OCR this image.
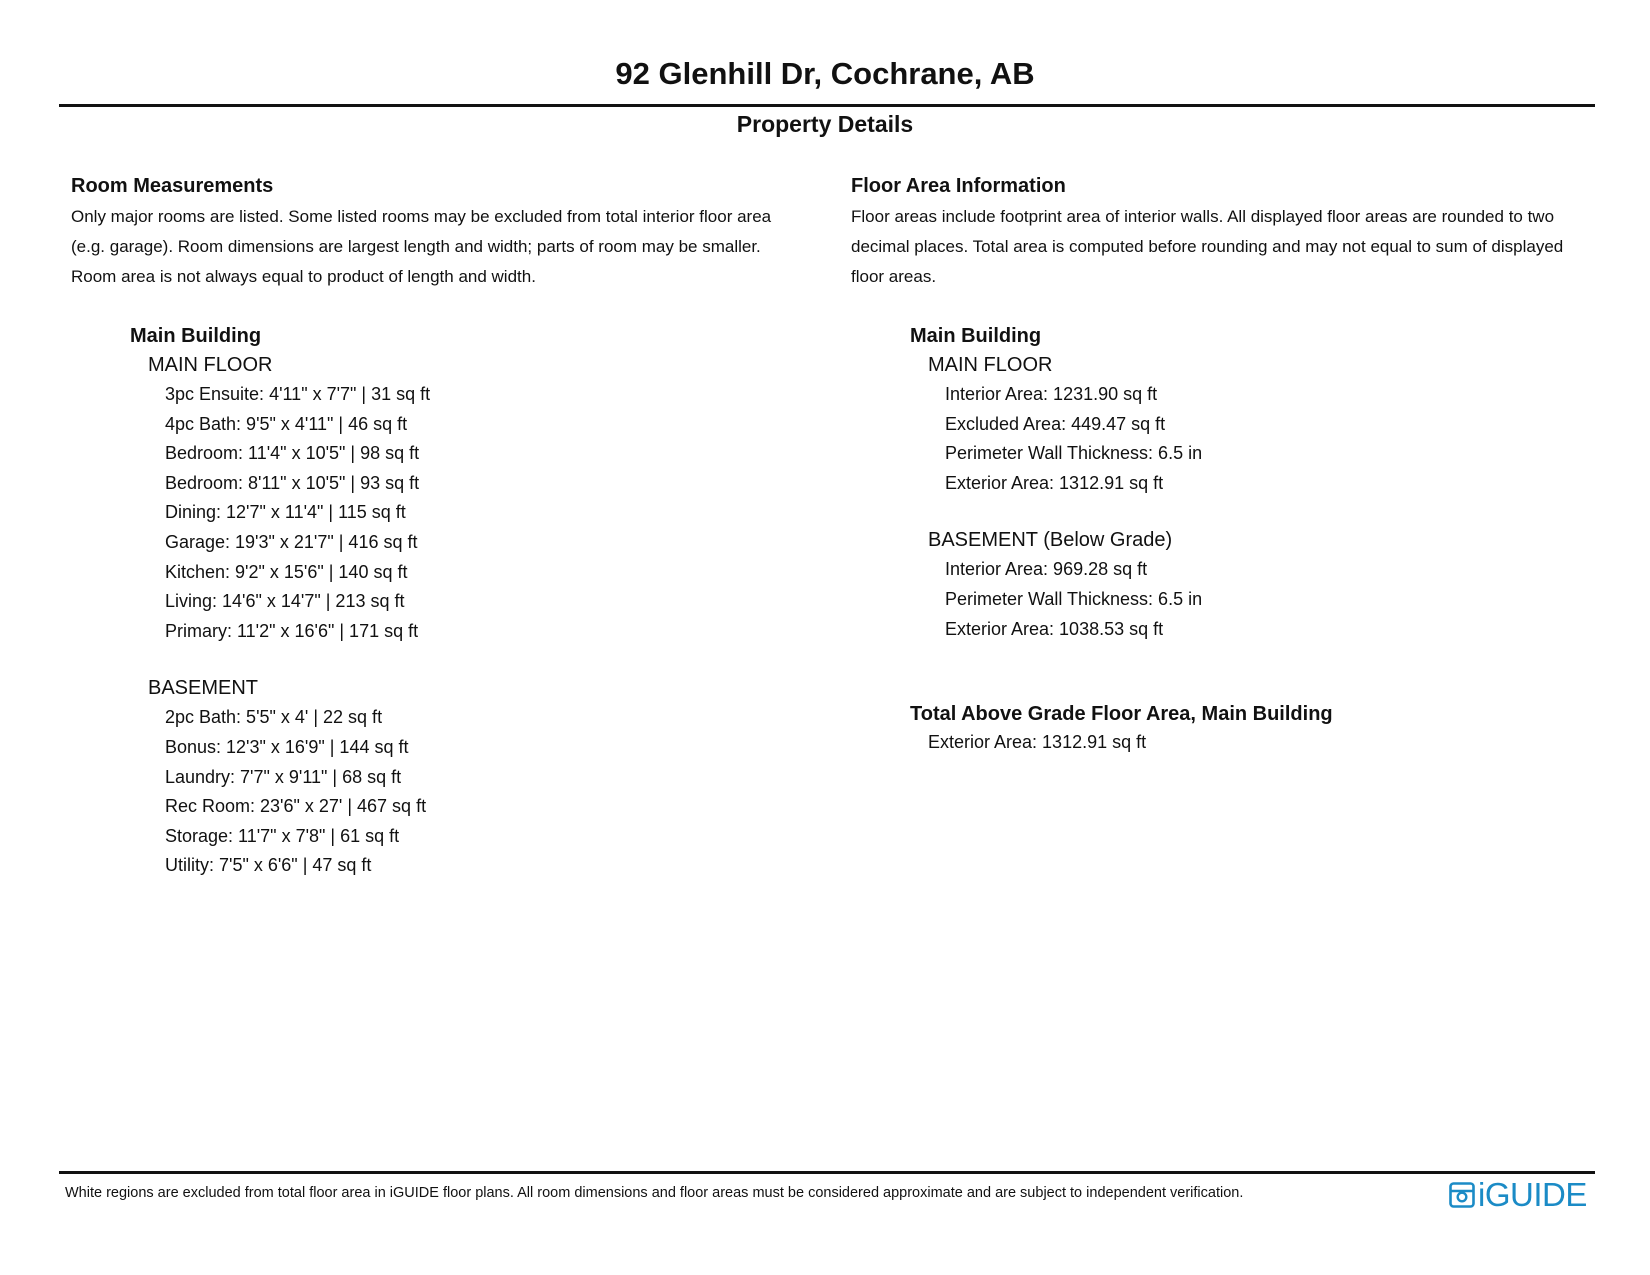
92 Glenhill Dr, Cochrane, AB
Property Details

Room Measurements

Only major rooms are listed. Some listed rooms may be excluded from total interior floor area

(e.g. garage). Room dimensions are largest length and width; parts of room may be smaller.

Room area is not always equal to product of length and width.

Main Building

MAIN FLOOR

3pc Ensuite: 4'11" x 7'7" | 31 sq ft

4pc Bath: 9'5" x 4'11" | 46 sq ft

Bedroom: 11'4" x 10'5" | 98 sq ft

Bedroom: 8'11" x 10'5" | 93 sq ft

Dining: 12'7" x 11'4" | 115 sq ft

Garage: 19'3" x 21'7" | 416 sq ft

Kitchen: 9'2" x 15'6" | 140 sq ft

Living: 14'6" x 14'7" | 213 sq ft

Primary: 11'2" x 16'6" | 171 sq ft

BASEMENT

2pc Bath: 5'5" x 4' | 22 sq ft

Bonus: 12'3" x 16'9" | 144 sq ft

Laundry: 7'7" x 9'11" | 68 sq ft

Rec Room: 23'6" x 27' | 467 sq ft

Storage: 11'7" x 7'8" | 61 sq ft

Utility: 7'5" x 6'6" | 47 sq ft

Floor Area Information

Floor areas include footprint area of interior walls. All displayed floor areas are rounded to two

decimal places. Total area is computed before rounding and may not equal to sum of displayed

floor areas.

Main Building

MAIN FLOOR

Interior Area: 1231.90 sq ft

Excluded Area: 449.47 sq ft

Perimeter Wall Thickness: 6.5 in

Exterior Area: 1312.91 sq ft

BASEMENT (Below Grade)

Interior Area: 969.28 sq ft

Perimeter Wall Thickness: 6.5 in

Exterior Area: 1038.53 sq ft

Total Above Grade Floor Area, Main Building

Exterior Area: 1312.91 sq ft

White regions are excluded from total floor area in iGUIDE floor plans. All room dimensions and floor areas must be considered approximate and are subject to independent verification.	iGUIDE
